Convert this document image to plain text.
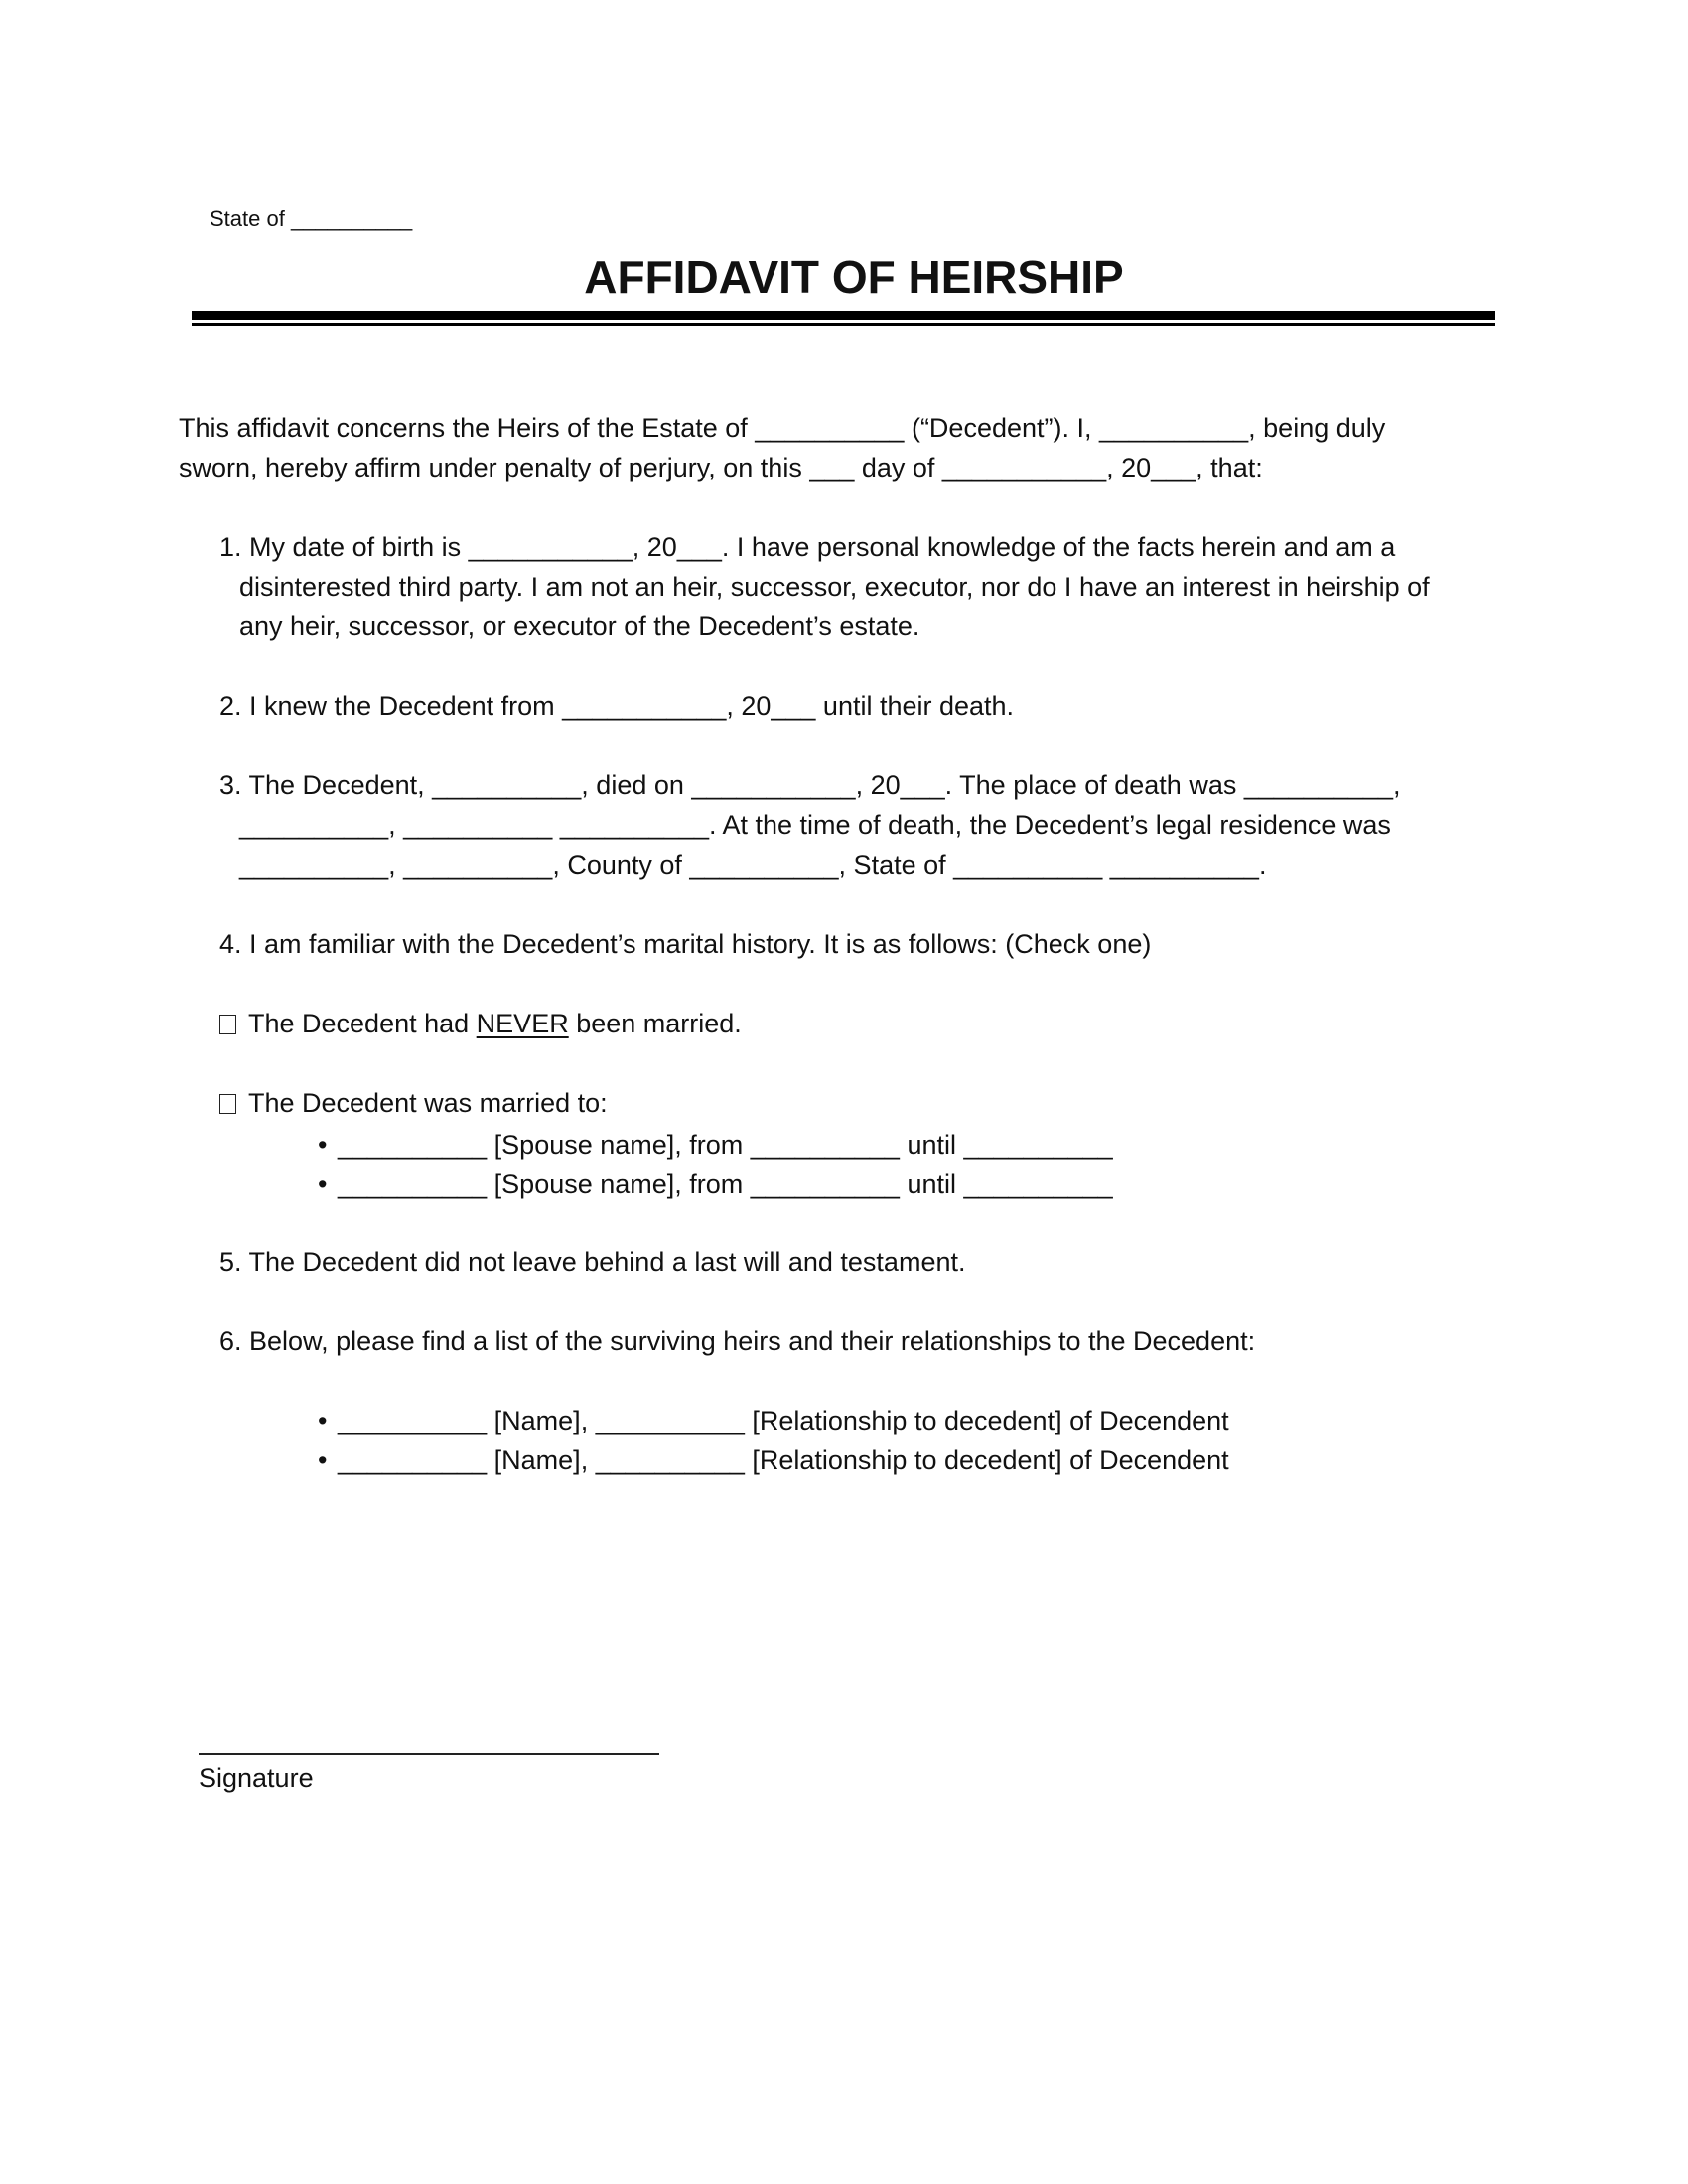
State of __________
AFFIDAVIT OF HEIRSHIP
This affidavit concerns the Heirs of the Estate of __________ (“Decedent”). I, __________, being duly
sworn, hereby affirm under penalty of perjury, on this ___ day of ___________, 20___, that:
1. My date of birth is ___________, 20___. I have personal knowledge of the facts herein and am a
disinterested third party. I am not an heir, successor, executor, nor do I have an interest in heirship of
any heir, successor, or executor of the Decedent’s estate.
2. I knew the Decedent from ___________, 20___ until their death.
3. The Decedent, __________, died on ___________, 20___. The place of death was __________,
__________, __________ __________. At the time of death, the Decedent’s legal residence was
__________, __________, County of __________, State of __________ __________.
4. I am familiar with the Decedent’s marital history. It is as follows: (Check one)
The Decedent had NEVER been married.
The Decedent was married to:
• __________ [Spouse name], from __________ until __________
• __________ [Spouse name], from __________ until __________
5. The Decedent did not leave behind a last will and testament.
6. Below, please find a list of the surviving heirs and their relationships to the Decedent:
• __________ [Name], __________ [Relationship to decedent] of Decendent
• __________ [Name], __________ [Relationship to decedent] of Decendent
Signature
